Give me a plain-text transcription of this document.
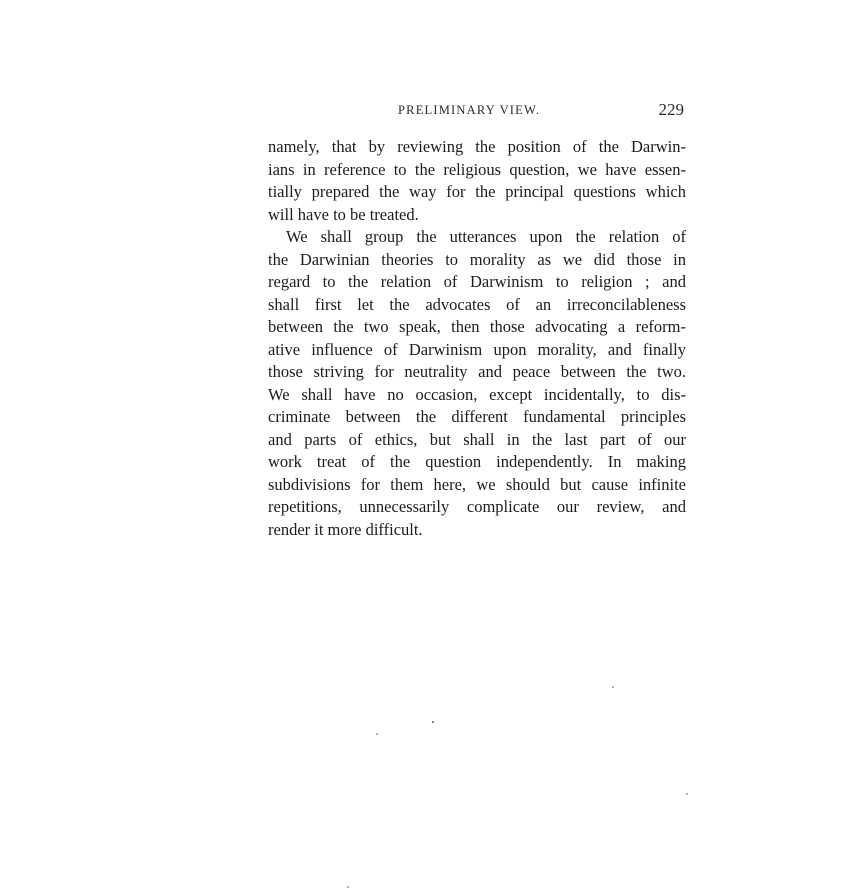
PRELIMINARY VIEW.	229
namely, that by reviewing the position of the Darwin-
ians in reference to the religious question, we have essen-
tially prepared the way for the principal questions which
will have to be treated.
We shall group the utterances upon the relation of
the Darwinian theories to morality as we did those in
regard to the relation of Darwinism to religion ; and
shall first let the advocates of an irreconcilableness
between the two speak, then those advocating a reform-
ative influence of Darwinism upon morality, and finally
those striving for neutrality and peace between the two.
We shall have no occasion, except incidentally, to dis-
criminate between the different fundamental principles
and parts of ethics, but shall in the last part of our
work treat of the question independently. In making
subdivisions for them here, we should but cause infinite
repetitions, unnecessarily complicate our review, and
render it more difficult.
